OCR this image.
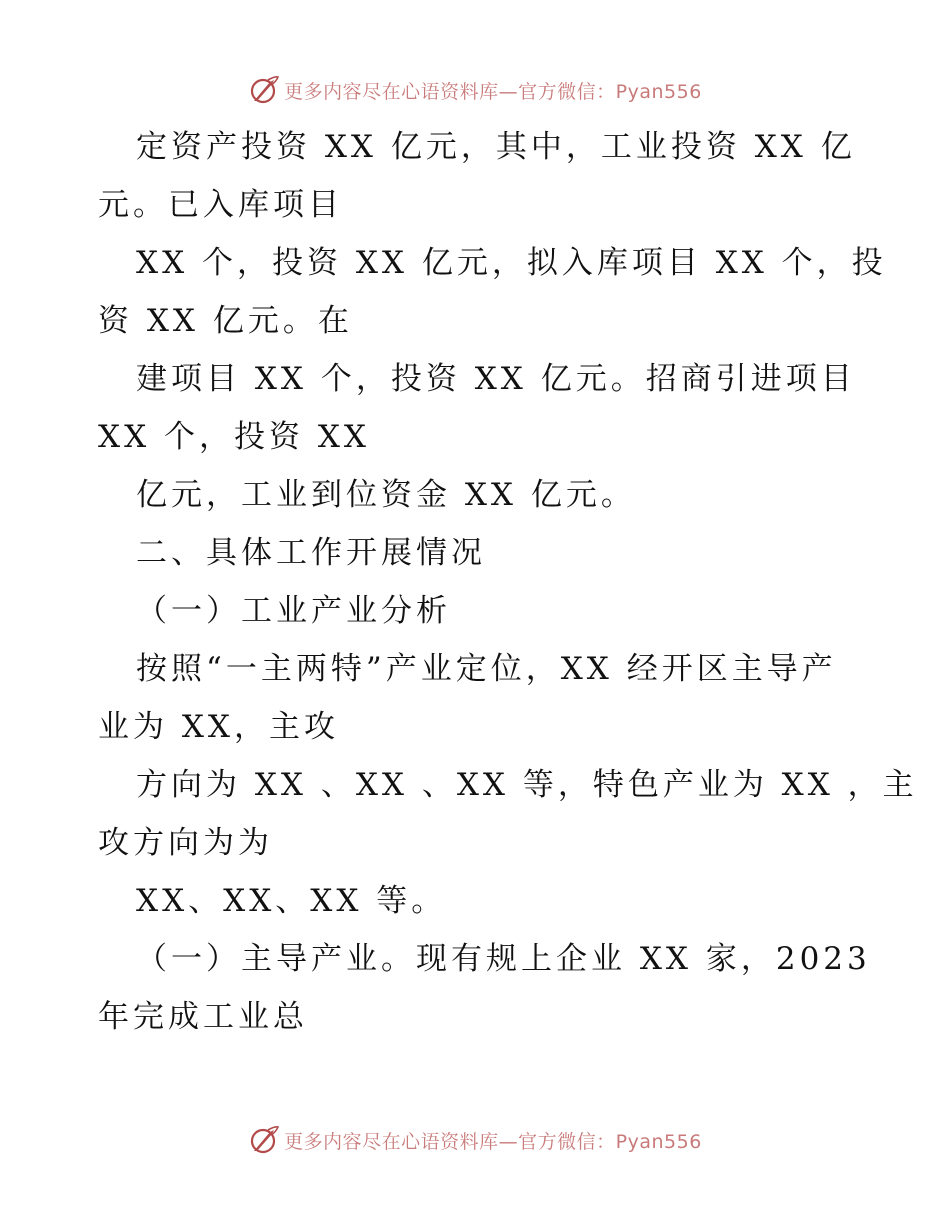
更多内容尽在心语资料库—官方微信：Pyan556
定资产投资 XX 亿元，其中，工业投资 XX 亿
元。已入库项目
XX 个，投资 XX 亿元，拟入库项目 XX 个，投
资 XX 亿元。在
建项目 XX 个，投资 XX 亿元。招商引进项目
XX 个，投资 XX
亿元，工业到位资金 XX 亿元。
二、具体工作开展情况
（一）工业产业分析
按照“一主两特”产业定位，XX 经开区主导产
业为 XX，主攻
方向为 XX 、XX 、XX 等，特色产业为 XX ，主
攻方向为为
XX、XX、XX 等。
（一）主导产业。现有规上企业 XX 家，2023
年完成工业总
更多内容尽在心语资料库—官方微信：Pyan556
